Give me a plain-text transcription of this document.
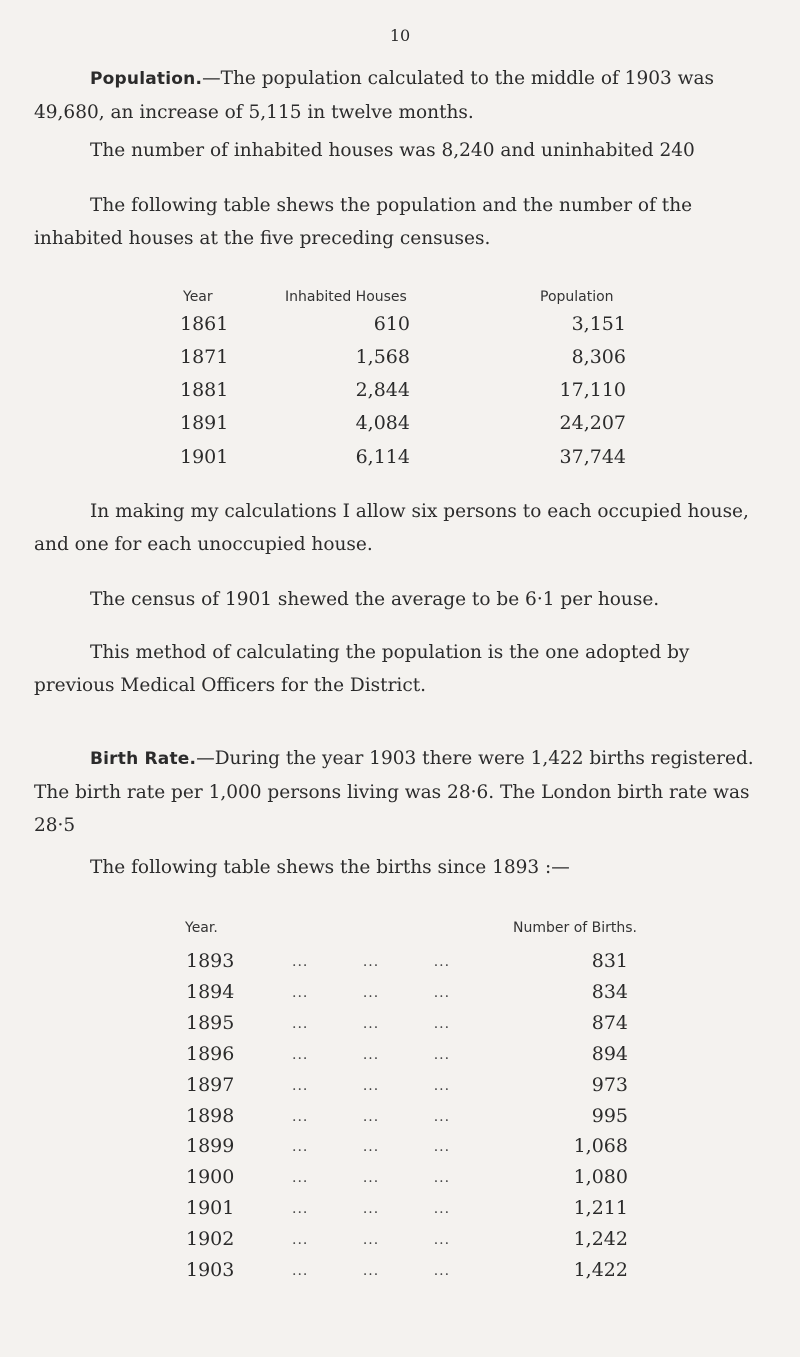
10
Population.—The population calculated to the middle of 1903 was 49,680, an increase of 5,115 in twelve months.
The number of inhabited houses was 8,240 and uninhabited 240
The following table shews the population and the number of the inhabited houses at the five preceding censuses.
Year	Inhabited Houses	Population
1861	610	3,151
1871	1,568	8,306
1881	2,844	17,110
1891	4,084	24,207
1901	6,114	37,744
In making my calculations I allow six persons to each occupied house, and one for each unoccupied house.
The census of 1901 shewed the average to be 6·1 per house.
This method of calculating the population is the one adopted by previous Medical Officers for the District.
Birth Rate.—During the year 1903 there were 1,422 births registered. The birth rate per 1,000 persons living was 28·6. The London birth rate was 28·5
The following table shews the births since 1893 :—
Year.	Number of Births.
1893	...          ...          ...	831
1894	...          ...          ...	834
1895	...          ...          ...	874
1896	...          ...          ...	894
1897	...          ...          ...	973
1898	...          ...          ...	995
1899	...          ...          ...	1,068
1900	...          ...          ...	1,080
1901	...          ...          ...	1,211
1902	...          ...          ...	1,242
1903	...          ...          ...	1,422
